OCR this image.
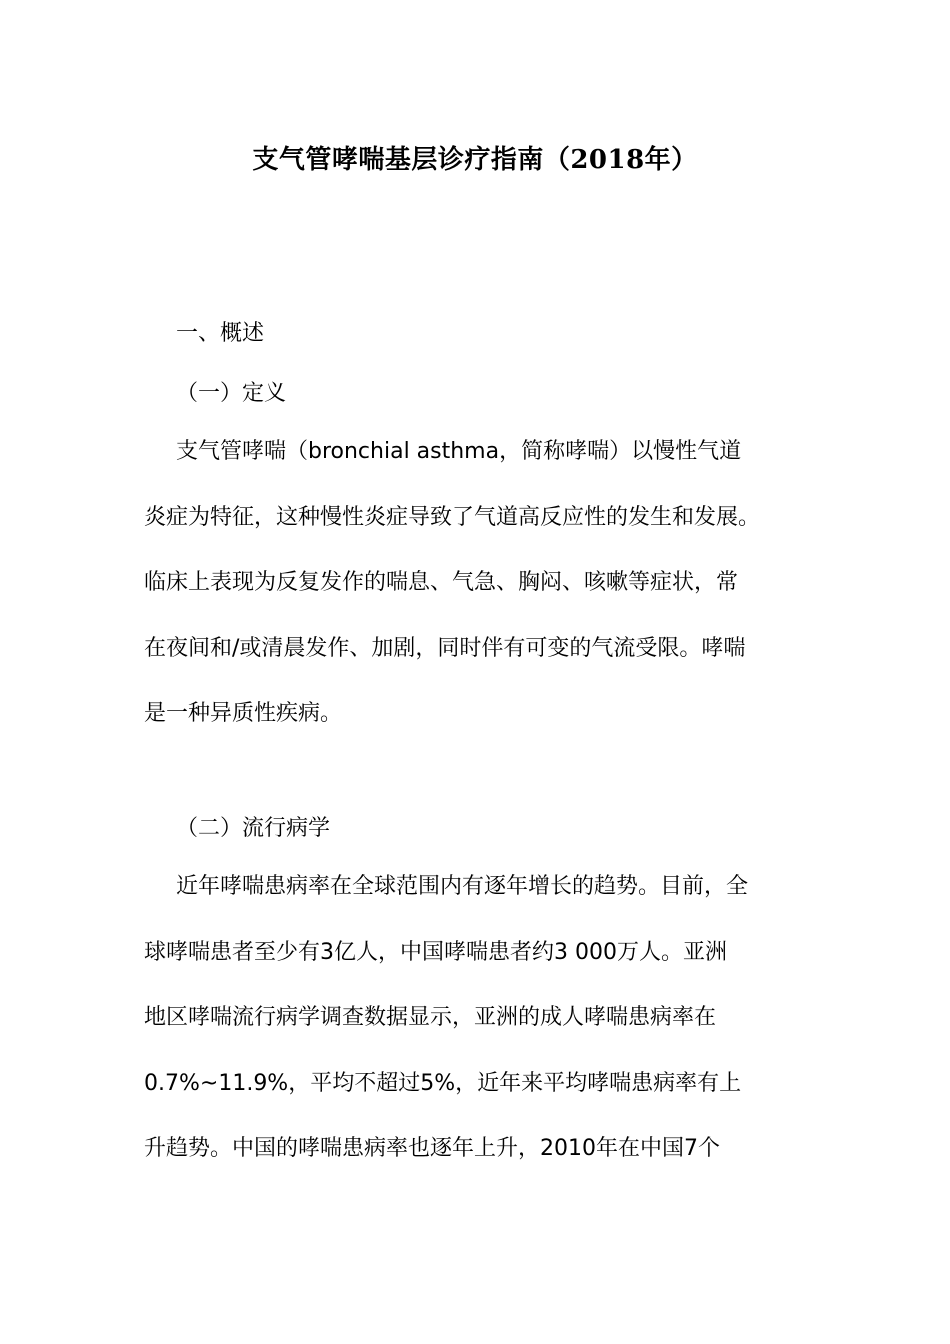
支气管哮喘基层诊疗指南（2018年）
一、概述
（一）定义
支气管哮喘（bronchial asthma，简称哮喘）以慢性气道
炎症为特征，这种慢性炎症导致了气道高反应性的发生和发展。
临床上表现为反复发作的喘息、气急、胸闷、咳嗽等症状，常
在夜间和/或清晨发作、加剧，同时伴有可变的气流受限。哮喘
是一种异质性疾病。
（二）流行病学
近年哮喘患病率在全球范围内有逐年增长的趋势。目前，全
球哮喘患者至少有3亿人，中国哮喘患者约3 000万人。亚洲
地区哮喘流行病学调查数据显示，亚洲的成人哮喘患病率在
0.7%~11.9%，平均不超过5%，近年来平均哮喘患病率有上
升趋势。中国的哮喘患病率也逐年上升，2010年在中国7个
